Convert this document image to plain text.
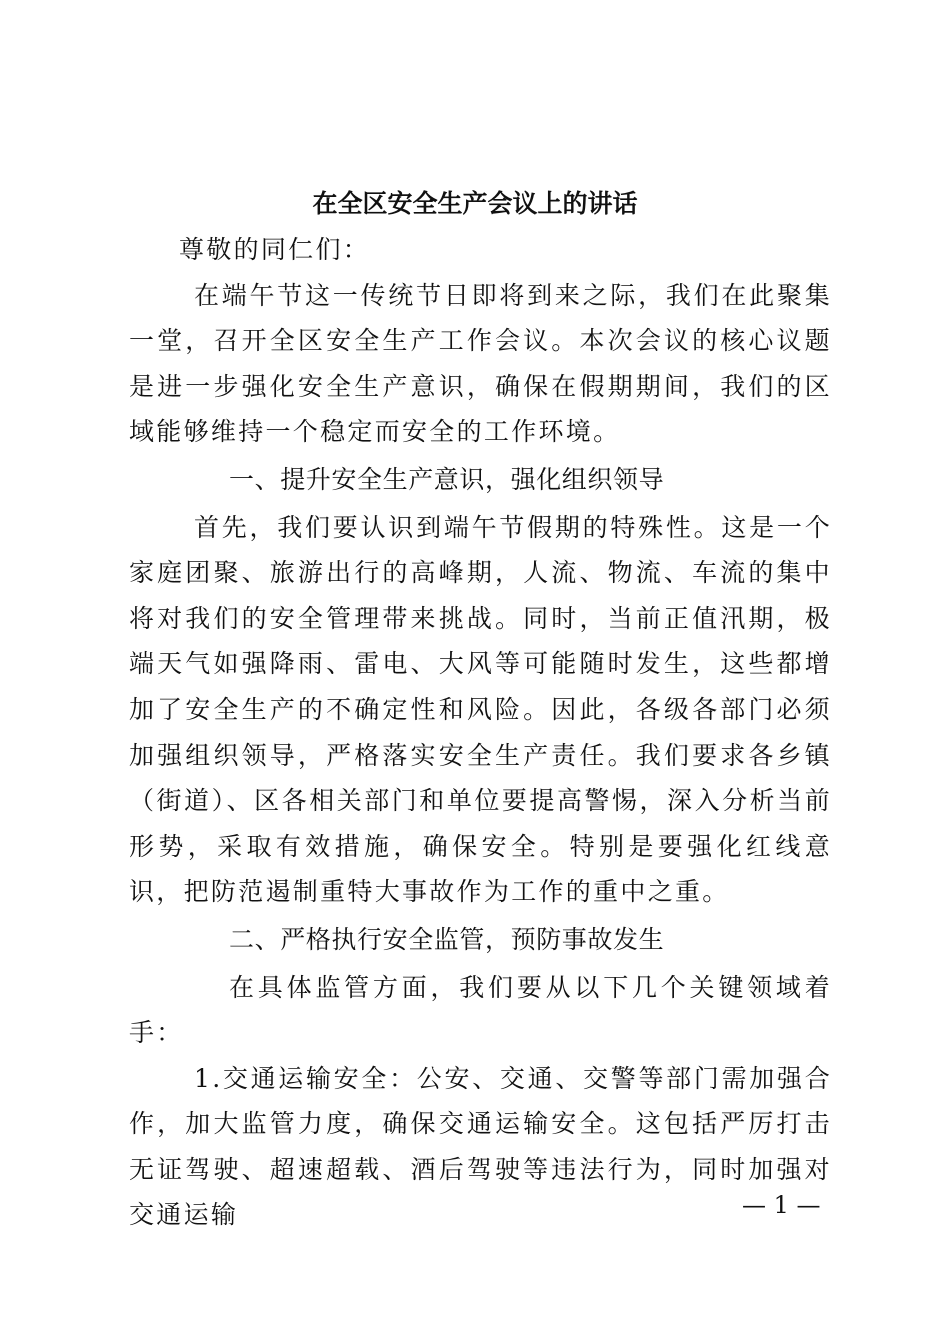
在全区安全生产会议上的讲话

尊敬的同仁们：

在端午节这一传统节日即将到来之际，我们在此聚集一堂，召开全区安全生产工作会议。本次会议的核心议题是进一步强化安全生产意识，确保在假期期间，我们的区域能够维持一个稳定而安全的工作环境。

一、提升安全生产意识，强化组织领导

首先，我们要认识到端午节假期的特殊性。这是一个家庭团聚、旅游出行的高峰期，人流、物流、车流的集中将对我们的安全管理带来挑战。同时，当前正值汛期，极端天气如强降雨、雷电、大风等可能随时发生，这些都增加了安全生产的不确定性和风险。因此，各级各部门必须加强组织领导，严格落实安全生产责任。我们要求各乡镇（街道）、区各相关部门和单位要提高警惕，深入分析当前形势，采取有效措施，确保安全。特别是要强化红线意识，把防范遏制重特大事故作为工作的重中之重。

二、严格执行安全监管，预防事故发生

在具体监管方面，我们要从以下几个关键领域着手：

1.交通运输安全：公安、交通、交警等部门需加强合作，加大监管力度，确保交通运输安全。这包括严厉打击无证驾驶、超速超载、酒后驾驶等违法行为，同时加强对交通运输	— 1 —
